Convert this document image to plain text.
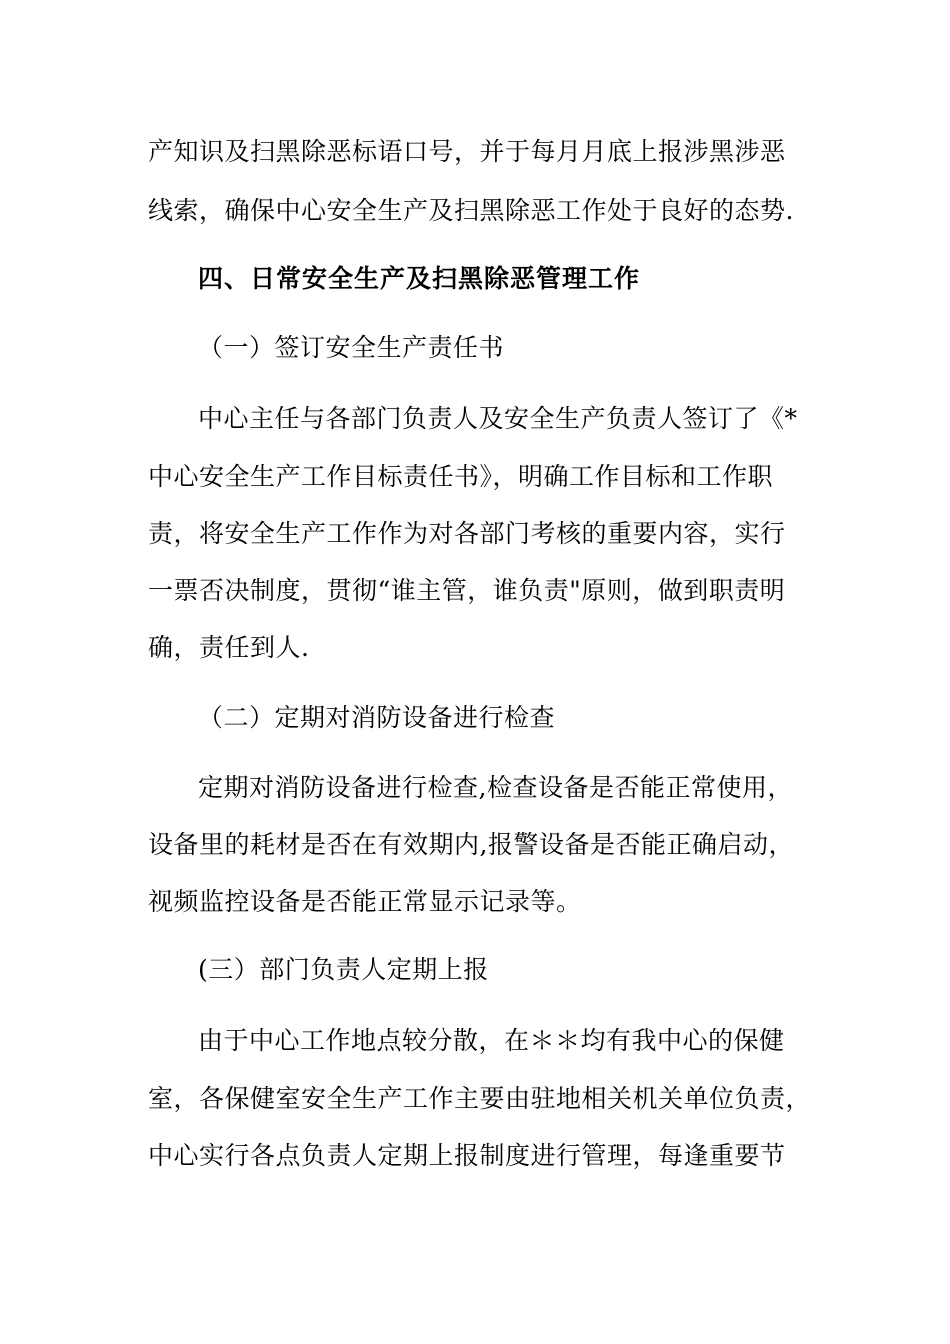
产知识及扫黑除恶标语口号，并于每月月底上报涉黑涉恶
线索，确保中心安全生产及扫黑除恶工作处于良好的态势.
四、日常安全生产及扫黑除恶管理工作
（一）签订安全生产责任书
中心主任与各部门负责人及安全生产负责人签订了《*
中心安全生产工作目标责任书》，明确工作目标和工作职
责，将安全生产工作作为对各部门考核的重要内容，实行
一票否决制度，贯彻“谁主管，谁负责"原则，做到职责明
确，责任到人.
（二）定期对消防设备进行检查
定期对消防设备进行检查,检查设备是否能正常使用，
设备里的耗材是否在有效期内,报警设备是否能正确启动，
视频监控设备是否能正常显示记录等。
(三）部门负责人定期上报
由于中心工作地点较分散，在＊＊均有我中心的保健
室，各保健室安全生产工作主要由驻地相关机关单位负责，
中心实行各点负责人定期上报制度进行管理，每逢重要节
